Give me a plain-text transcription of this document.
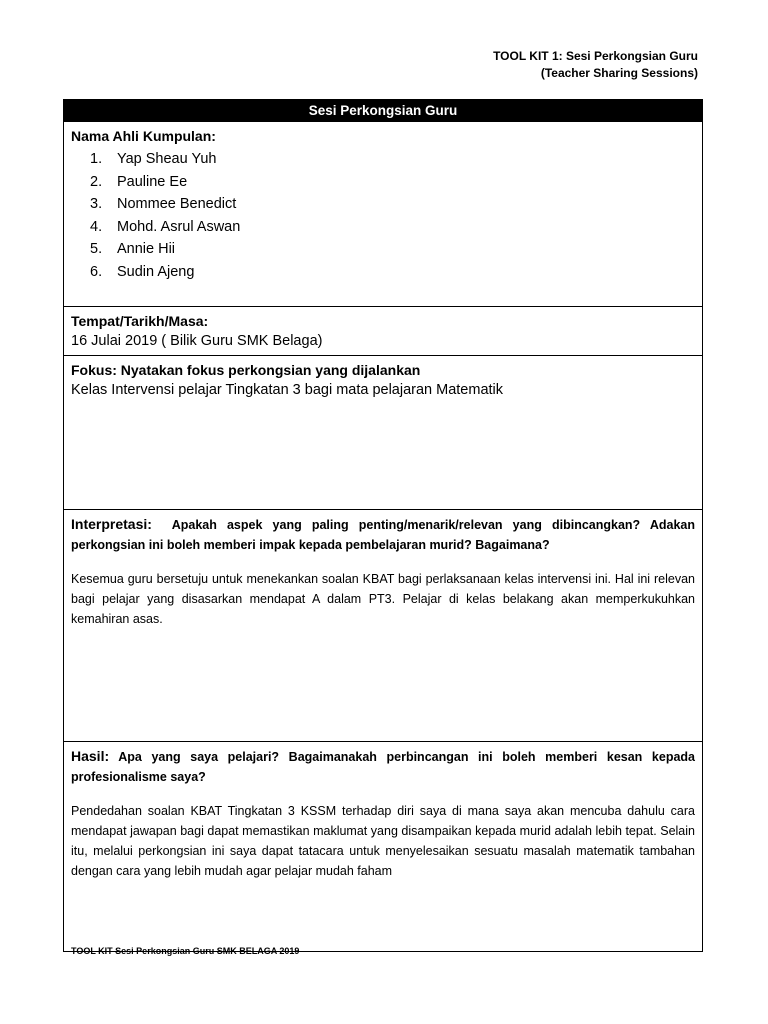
TOOL KIT 1: Sesi Perkongsian Guru
(Teacher Sharing Sessions)
Sesi Perkongsian Guru
Nama Ahli Kumpulan:
1. Yap Sheau Yuh
2. Pauline Ee
3. Nommee Benedict
4. Mohd. Asrul Aswan
5. Annie Hii
6. Sudin Ajeng
Tempat/Tarikh/Masa:
16 Julai 2019 ( Bilik Guru SMK Belaga)
Fokus: Nyatakan fokus perkongsian yang dijalankan
Kelas Intervensi pelajar Tingkatan 3 bagi mata pelajaran Matematik
Interpretasi: Apakah aspek yang paling penting/menarik/relevan yang dibincangkan? Adakan perkongsian ini boleh memberi impak kepada pembelajaran murid? Bagaimana?
Kesemua guru bersetuju untuk menekankan soalan KBAT bagi perlaksanaan kelas intervensi ini. Hal ini relevan bagi pelajar yang disasarkan mendapat A dalam PT3. Pelajar di kelas belakang akan memperkukuhkan kemahiran asas.
Hasil: Apa yang saya pelajari? Bagaimanakah perbincangan ini boleh memberi kesan kepada profesionalisme saya?
Pendedahan soalan KBAT Tingkatan 3 KSSM terhadap diri saya di mana saya akan mencuba dahulu cara mendapat jawapan bagi dapat memastikan maklumat yang disampaikan kepada murid adalah lebih tepat. Selain itu, melalui perkongsian ini saya dapat tatacara untuk menyelesaikan sesuatu masalah matematik tambahan dengan cara yang lebih mudah agar pelajar mudah faham
TOOL KIT Sesi Perkongsian Guru SMK BELAGA 2019
